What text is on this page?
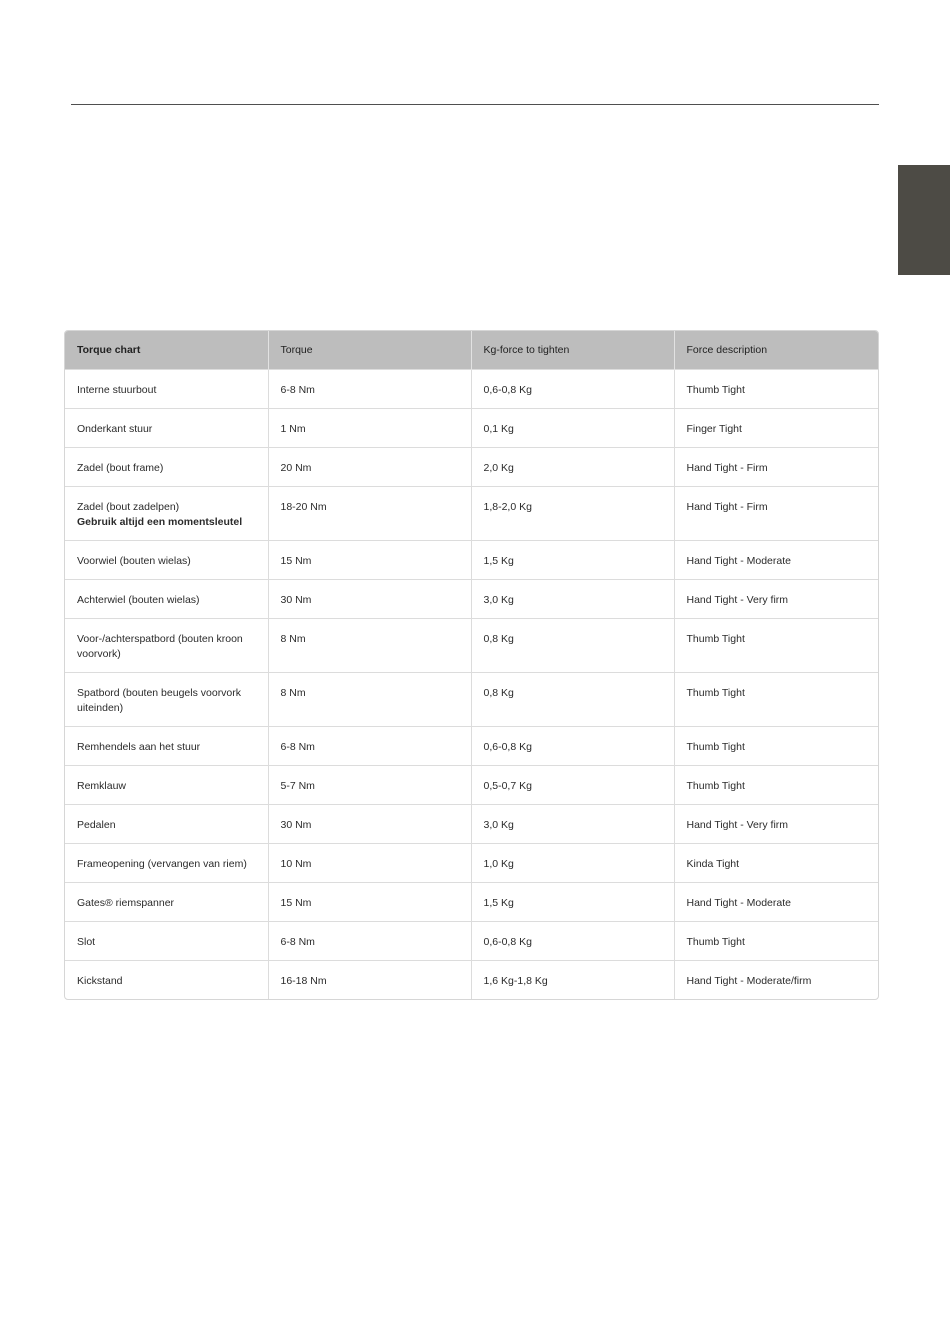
Torque chart	Torque	Kg-force to tighten	Force description
Interne stuurbout	6-8 Nm	0,6-0,8 Kg	Thumb Tight
Onderkant stuur	1 Nm	0,1 Kg	Finger Tight
Zadel (bout frame)	20 Nm	2,0 Kg	Hand Tight - Firm
Zadel (bout zadelpen)
Gebruik altijd een momentsleutel	18-20 Nm	1,8-2,0 Kg	Hand Tight - Firm
Voorwiel (bouten wielas)	15 Nm	1,5 Kg	Hand Tight - Moderate
Achterwiel (bouten wielas)	30 Nm	3,0 Kg	Hand Tight - Very firm
Voor-/achterspatbord (bouten kroon voorvork)	8 Nm	0,8 Kg	Thumb Tight
Spatbord (bouten beugels voorvork uiteinden)	8 Nm	0,8 Kg	Thumb Tight
Remhendels aan het stuur	6-8 Nm	0,6-0,8 Kg	Thumb Tight
Remklauw	5-7 Nm	0,5-0,7 Kg	Thumb Tight
Pedalen	30 Nm	3,0 Kg	Hand Tight - Very firm
Frameopening (vervangen van riem)	10 Nm	1,0 Kg	Kinda Tight
Gates® riemspanner	15 Nm	1,5 Kg	Hand Tight - Moderate
Slot	6-8 Nm	0,6-0,8 Kg	Thumb Tight
Kickstand	16-18 Nm	1,6 Kg-1,8 Kg	Hand Tight - Moderate/firm
